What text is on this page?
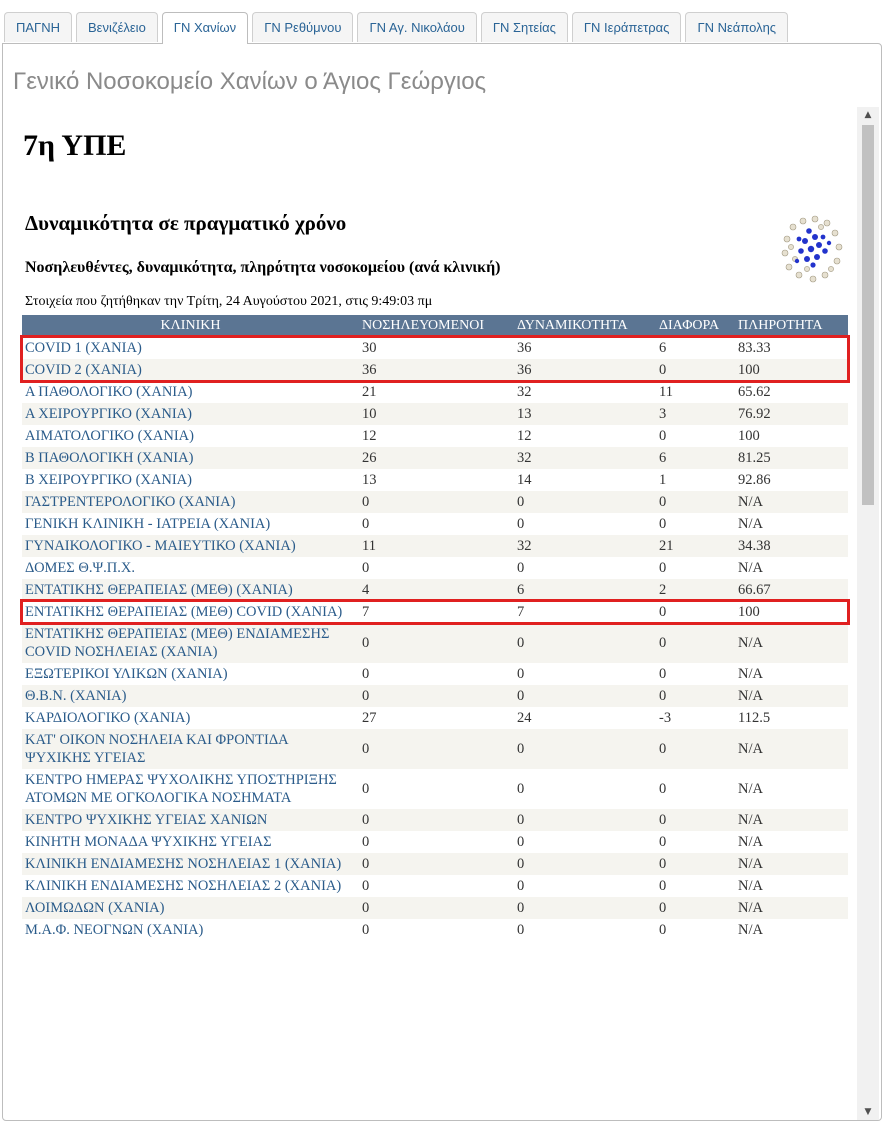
ΠΑΓΝΗ	Βενιζέλειο	ΓΝ Χανίων	ΓΝ Ρεθύμνου	ΓΝ Αγ. Νικολάου	ΓΝ Σητείας	ΓΝ Ιεράπετρας	ΓΝ Νεάπολης
Γενικό Νοσοκομείο Χανίων ο Άγιος Γεώργιος
7η ΥΠΕ
Δυναμικότητα σε πραγματικό χρόνο
Νοσηλευθέντες, δυναμικότητα, πληρότητα νοσοκομείου (ανά κλινική)
Στοιχεία που ζητήθηκαν την Τρίτη, 24 Αυγούστου 2021, στις 9:49:03 πμ
ΚΛΙΝΙΚΗ	ΝΟΣΗΛΕΥΟΜΕΝΟΙ	ΔΥΝΑΜΙΚΟΤΗΤΑ	ΔΙΑΦΟΡΑ	ΠΛΗΡΟΤΗΤΑ
COVID 1 (ΧΑΝΙΑ)	30	36	6	83.33
COVID 2 (ΧΑΝΙΑ)	36	36	0	100
Α ΠΑΘΟΛΟΓΙΚΟ (ΧΑΝΙΑ)	21	32	11	65.62
Α ΧΕΙΡΟΥΡΓΙΚΟ (ΧΑΝΙΑ)	10	13	3	76.92
ΑΙΜΑΤΟΛΟΓΙΚΟ (ΧΑΝΙΑ)	12	12	0	100
Β ΠΑΘΟΛΟΓΙΚΗ (ΧΑΝΙΑ)	26	32	6	81.25
Β ΧΕΙΡΟΥΡΓΙΚΟ (ΧΑΝΙΑ)	13	14	1	92.86
ΓΑΣΤΡΕΝΤΕΡΟΛΟΓΙΚΟ (ΧΑΝΙΑ)	0	0	0	N/A
ΓΕΝΙΚΗ ΚΛΙΝΙΚΗ - ΙΑΤΡΕΙΑ (ΧΑΝΙΑ)	0	0	0	N/A
ΓΥΝΑΙΚΟΛΟΓΙΚΟ - ΜΑΙΕΥΤΙΚΟ (ΧΑΝΙΑ)	11	32	21	34.38
ΔΟΜΕΣ Θ.Ψ.Π.Χ.	0	0	0	N/A
ΕΝΤΑΤΙΚΗΣ ΘΕΡΑΠΕΙΑΣ (ΜΕΘ) (ΧΑΝΙΑ)	4	6	2	66.67
ΕΝΤΑΤΙΚΗΣ ΘΕΡΑΠΕΙΑΣ (ΜΕΘ) COVID (ΧΑΝΙΑ)	7	7	0	100
ΕΝΤΑΤΙΚΗΣ ΘΕΡΑΠΕΙΑΣ (ΜΕΘ) ΕΝΔΙΑΜΕΣΗΣ COVID ΝΟΣΗΛΕΙΑΣ (ΧΑΝΙΑ)	0	0	0	N/A
ΕΞΩΤΕΡΙΚΟΙ ΥΛΙΚΩΝ (ΧΑΝΙΑ)	0	0	0	N/A
Θ.Β.Ν. (ΧΑΝΙΑ)	0	0	0	N/A
ΚΑΡΔΙΟΛΟΓΙΚΟ (ΧΑΝΙΑ)	27	24	-3	112.5
ΚΑΤ' ΟΙΚΟΝ ΝΟΣΗΛΕΙΑ ΚΑΙ ΦΡΟΝΤΙΔΑ ΨΥΧΙΚΗΣ ΥΓΕΙΑΣ	0	0	0	N/A
ΚΕΝΤΡΟ ΗΜΕΡΑΣ ΨΥΧΟΛΙΚΗΣ ΥΠΟΣΤΗΡΙΞΗΣ ΑΤΟΜΩΝ ΜΕ ΟΓΚΟΛΟΓΙΚΑ ΝΟΣΗΜΑΤΑ	0	0	0	N/A
ΚΕΝΤΡΟ ΨΥΧΙΚΗΣ ΥΓΕΙΑΣ ΧΑΝΙΩΝ	0	0	0	N/A
ΚΙΝΗΤΗ ΜΟΝΑΔΑ ΨΥΧΙΚΗΣ ΥΓΕΙΑΣ	0	0	0	N/A
ΚΛΙΝΙΚΗ ΕΝΔΙΑΜΕΣΗΣ ΝΟΣΗΛΕΙΑΣ 1 (ΧΑΝΙΑ)	0	0	0	N/A
ΚΛΙΝΙΚΗ ΕΝΔΙΑΜΕΣΗΣ ΝΟΣΗΛΕΙΑΣ 2 (ΧΑΝΙΑ)	0	0	0	N/A
ΛΟΙΜΩΔΩΝ (ΧΑΝΙΑ)	0	0	0	N/A
Μ.Α.Φ. ΝΕΟΓΝΩΝ (ΧΑΝΙΑ)	0	0	0	N/A
▲
▼
